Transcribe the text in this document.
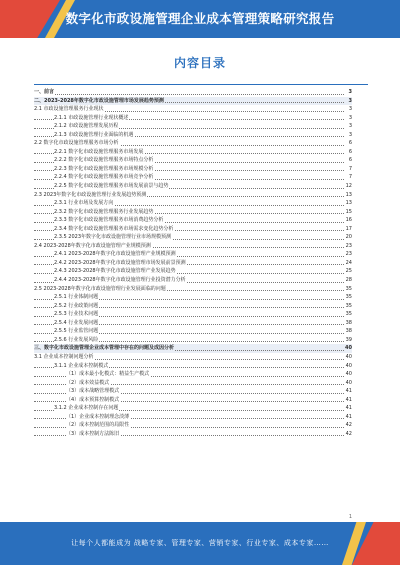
数字化市政设施管理企业成本管理策略研究报告
内容目录
一、前言	3
二、2023-2028年数字化市政设施管理市场发展趋势预测	3
2.1 市政设施管理服务行业现状	3
2.1.1 市政设施管理行业现状概述	3
2.1.2 市政设施管理发展历程	3
2.1.3 市政设施管理行业面临的机遇	3
2.2 数字化市政设施管理服务市场分析	6
2.2.1 数字化市政设施管理服务市场发展	6
2.2.2 数字化市政设施管理服务市场特点分析	6
2.2.3 数字化市政设施管理服务市场规模分析	7
2.2.4 数字化市政设施管理服务市场竞争分析	7
2.2.5 数字化市政设施管理服务市场发展前景与趋势	12
2.3 2023年数字化市政设施管理行业发展趋势预测	13
2.3.1 行业市场及发展方向	13
2.3.2 数字化市政设施管理服务行业发展趋势	15
2.3.3 数字化市政设施管理服务市场消费趋势分析	16
2.3.4 数字化市政设施管理服务市场需求变化趋势分析	17
2.3.5 2023年数字化市政设施管理行业市场规模预测	20
2.4 2023-2028年数字化市政设施管理产业规模预测	23
2.4.1 2023-2028年数字化市政设施管理产业规模预测	23
2.4.2 2023-2028年数字化市政设施管理市场发展前景预测	24
2.4.3 2023-2028年数字化市政设施管理产业发展趋势	25
2.4.4 2023-2028年数字化市政设施管理行业投资潜力分析	28
2.5 2023-2028年数字化市政设施管理行业发展面临的问题	35
2.5.1 行业体制问题	35
2.5.2 行业政策问题	35
2.5.3 行业技术问题	35
2.5.4 行业发展问题	38
2.5.5 行业监管问题	38
2.5.6 行业发展风险	39
三、数字化市政设施管理企业成本管理中存在的问题及成因分析	40
3.1 企业成本控制问题分析	40
3.1.1 企业成本控制模式	40
（1）成本最小化模式：精益生产模式	40
（2）成本效益模式	40
（3）成本战略管理模式	41
（4）成本预算控制模式	41
3.1.2 企业成本控制存在问题	41
（1）企业成本控制理念淡薄	41
（2）成本控制范围的局限性	42
（3）成本控制方法陈旧	42
1
让每个人都能成为 战略专家、管理专家、营销专家、行业专家、成本专家……
